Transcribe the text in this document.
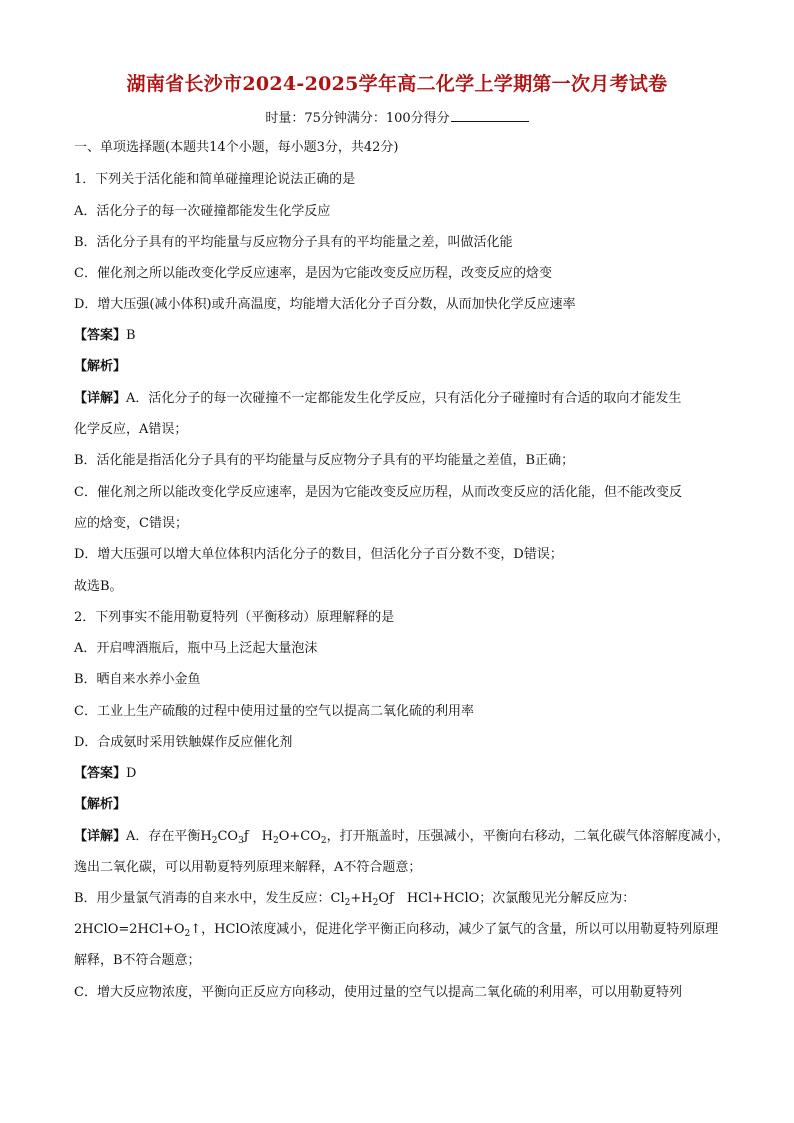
湖南省长沙市2024-2025学年高二化学上学期第一次月考试卷
时量：75分钟满分：100分得分
一、单项选择题(本题共14个小题，每小题3分，共42分)
1．下列关于活化能和简单碰撞理论说法正确的是
A．活化分子的每一次碰撞都能发生化学反应
B．活化分子具有的平均能量与反应物分子具有的平均能量之差，叫做活化能
C．催化剂之所以能改变化学反应速率，是因为它能改变反应历程，改变反应的焓变
D．增大压强(减小体积)或升高温度，均能增大活化分子百分数，从而加快化学反应速率
【答案】B
【解析】
【详解】A．活化分子的每一次碰撞不一定都能发生化学反应，只有活化分子碰撞时有合适的取向才能发生
化学反应，A错误；
B．活化能是指活化分子具有的平均能量与反应物分子具有的平均能量之差值，B正确；
C．催化剂之所以能改变化学反应速率，是因为它能改变反应历程，从而改变反应的活化能，但不能改变反
应的焓变，C错误；
D．增大压强可以增大单位体积内活化分子的数目，但活化分子百分数不变，D错误；
故选B。
2．下列事实不能用勒夏特列（平衡移动）原理解释的是
A．开启啤酒瓶后，瓶中马上泛起大量泡沫
B．晒自来水养小金鱼
C．工业上生产硫酸的过程中使用过量的空气以提高二氧化硫的利用率
D．合成氨时采用铁触媒作反应催化剂
【答案】D
【解析】
【详解】A．存在平衡$H_2CO_3ƒ$　$H_2O+CO_2$，打开瓶盖时，压强减小，平衡向右移动，二氧化碳气体溶解度减小，
逸出二氧化碳，可以用勒夏特列原理来解释，A不符合题意；
B．用少量氯气消毒的自来水中，发生反应：$Cl_2+H_2Oƒ$　HCl+HClO；次氯酸见光分解反应为：
$2HClO=2HCl+O_2↑$，HClO浓度减小，促进化学平衡正向移动，减少了氯气的含量，所以可以用勒夏特列原理
解释，B不符合题意；
C．增大反应物浓度，平衡向正反应方向移动，使用过量的空气以提高二氧化硫的利用率，可以用勒夏特列
